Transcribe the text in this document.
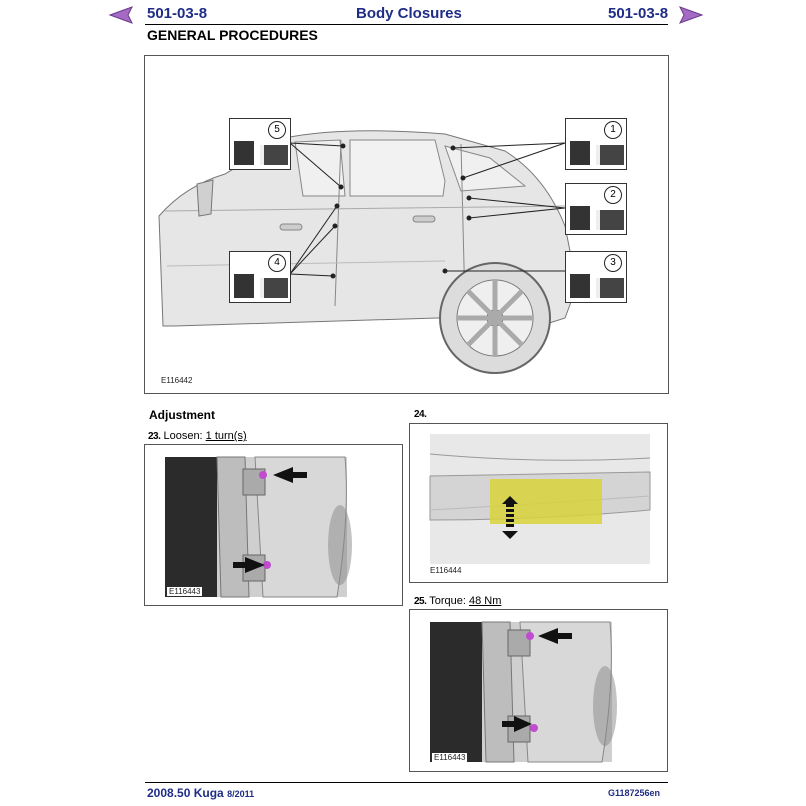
501-03-8	Body Closures	501-03-8
GENERAL PROCEDURES
5	1
2
3
4
E116442
Adjustment
23. Loosen: 1 turn(s)
E116443
24.
E116444
25. Torque: 48 Nm
E116443
2008.50 Kuga 8/2011	G1187256en
